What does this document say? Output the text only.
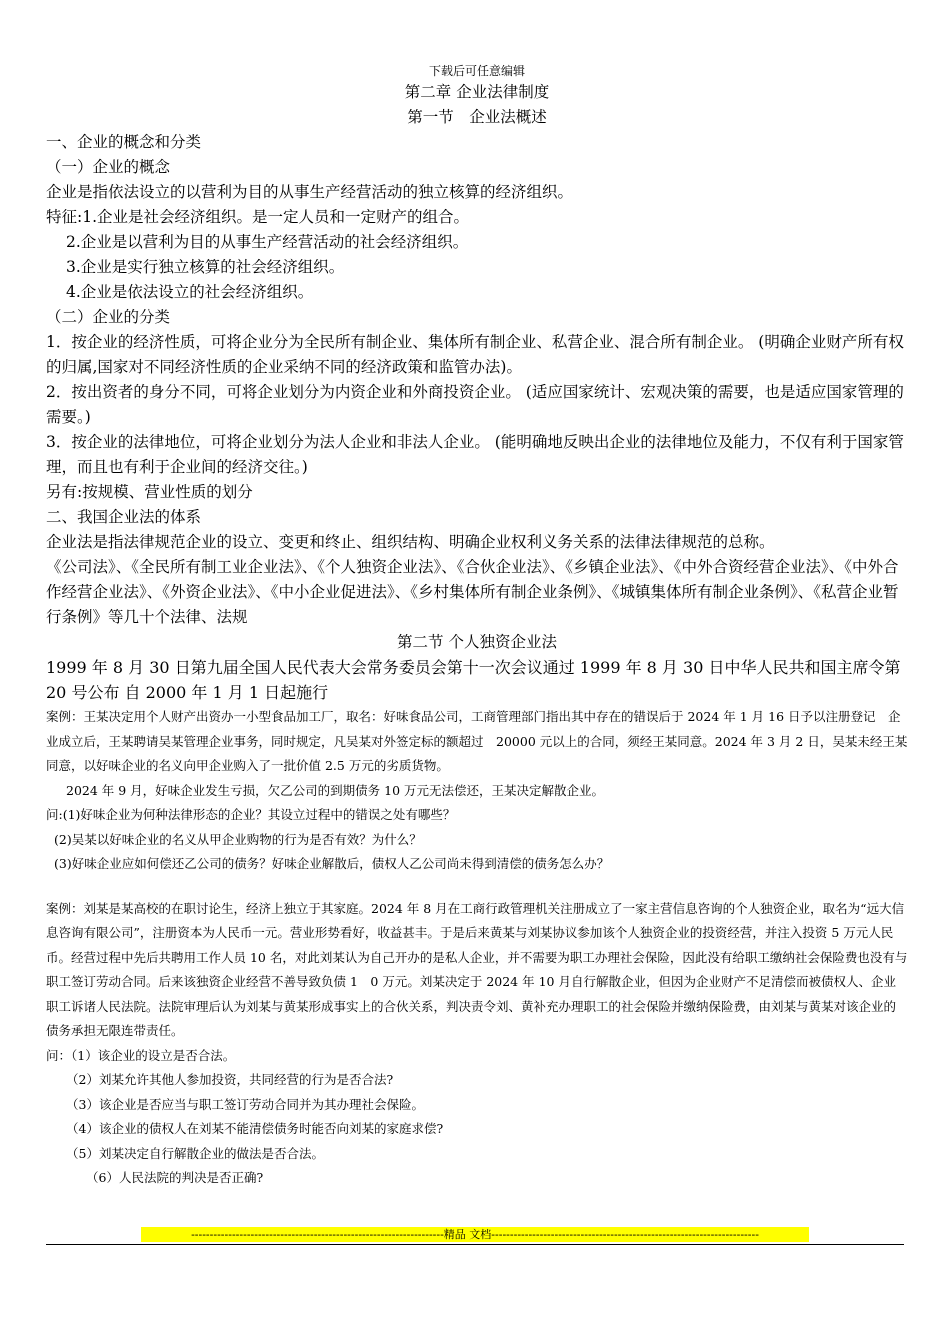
下载后可任意编辑
第二章 企业法律制度
第一节　企业法概述

一、企业的概念和分类

（一）企业的概念

企业是指依法设立的以营利为目的从事生产经营活动的独立核算的经济组织。

特征:1.企业是社会经济组织。是一定人员和一定财产的组合。

2.企业是以营利为目的从事生产经营活动的社会经济组织。

3.企业是实行独立核算的社会经济组织。

4.企业是依法设立的社会经济组织。

（二）企业的分类

1．按企业的经济性质，可将企业分为全民所有制企业、集体所有制企业、私营企业、混合所有制企业。 (明确企业财产所有权的归属,国家对不同经济性质的企业采纳不同的经济政策和监管办法)。

2．按出资者的身分不同，可将企业划分为内资企业和外商投资企业。 (适应国家统计、宏观决策的需要，也是适应国家管理的需要。)

3．按企业的法律地位，可将企业划分为法人企业和非法人企业。 (能明确地反映出企业的法律地位及能力，不仅有利于国家管理，而且也有利于企业间的经济交往。)

另有:按规模、营业性质的划分

二、我国企业法的体系

企业法是指法律规范企业的设立、变更和终止、组织结构、明确企业权利义务关系的法律法律规范的总称。

《公司法》、《全民所有制工业企业法》、《个人独资企业法》、《合伙企业法》、《乡镇企业法》、《中外合资经营企业法》、《中外合作经营企业法》、《外资企业法》、《中小企业促进法》、《乡村集体所有制企业条例》、《城镇集体所有制企业条例》、《私营企业暂行条例》等几十个法律、法规

第二节 个人独资企业法

1999 年 8 月 30 日第九届全国人民代表大会常务委员会第十一次会议通过 1999 年 8 月 30 日中华人民共和国主席令第 20 号公布 自 2000 年 1 月 1 日起施行

案例：王某决定用个人财产出资办一小型食品加工厂，取名：好味食品公司，工商管理部门指出其中存在的错误后于 2024 年 1 月 16 日予以注册登记　企业成立后，王某聘请吴某管理企业事务，同时规定，凡吴某对外签定标的额超过　20000 元以上的合同，须经王某同意。2024 年 3 月 2 日，吴某未经王某同意，以好味企业的名义向甲企业购入了一批价值 2.5 万元的劣质货物。

2024 年 9 月，好味企业发生亏损，欠乙公司的到期债务 10 万元无法偿还，王某决定解散企业。

问:(1)好味企业为何种法律形态的企业？其设立过程中的错误之处有哪些？

(2)吴某以好味企业的名义从甲企业购物的行为是否有效？为什么？

(3)好味企业应如何偿还乙公司的债务？好味企业解散后，债权人乙公司尚未得到清偿的债务怎么办？

案例：刘某是某高校的在职讨论生，经济上独立于其家庭。2024 年 8 月在工商行政管理机关注册成立了一家主营信息咨询的个人独资企业，取名为“远大信息咨询有限公司”，注册资本为人民币一元。营业形势看好，收益甚丰。于是后来黄某与刘某协议参加该个人独资企业的投资经营，并注入投资 5 万元人民币。经营过程中先后共聘用工作人员 10 名，对此刘某认为自己开办的是私人企业，并不需要为职工办理社会保险，因此没有给职工缴纳社会保险费也没有与职工签订劳动合同。后来该独资企业经营不善导致负债 1　0 万元。刘某决定于 2024 年 10 月自行解散企业，但因为企业财产不足清偿而被债权人、企业职工诉诸人民法院。法院审理后认为刘某与黄某形成事实上的合伙关系，判决责令刘、黄补充办理职工的社会保险并缴纳保险费，由刘某与黄某对该企业的债务承担无限连带责任。

问：（1）该企业的设立是否合法。

（2）刘某允许其他人参加投资，共同经营的行为是否合法?

（3）该企业是否应当与职工签订劳动合同并为其办理社会保险。

（4）该企业的债权人在刘某不能清偿债务时能否向刘某的家庭求偿?

（5）刘某决定自行解散企业的做法是否合法。

（6）人民法院的判决是否正确?

--------------------------------------------------------------------精品 文档------------------------------------------------------------------------
